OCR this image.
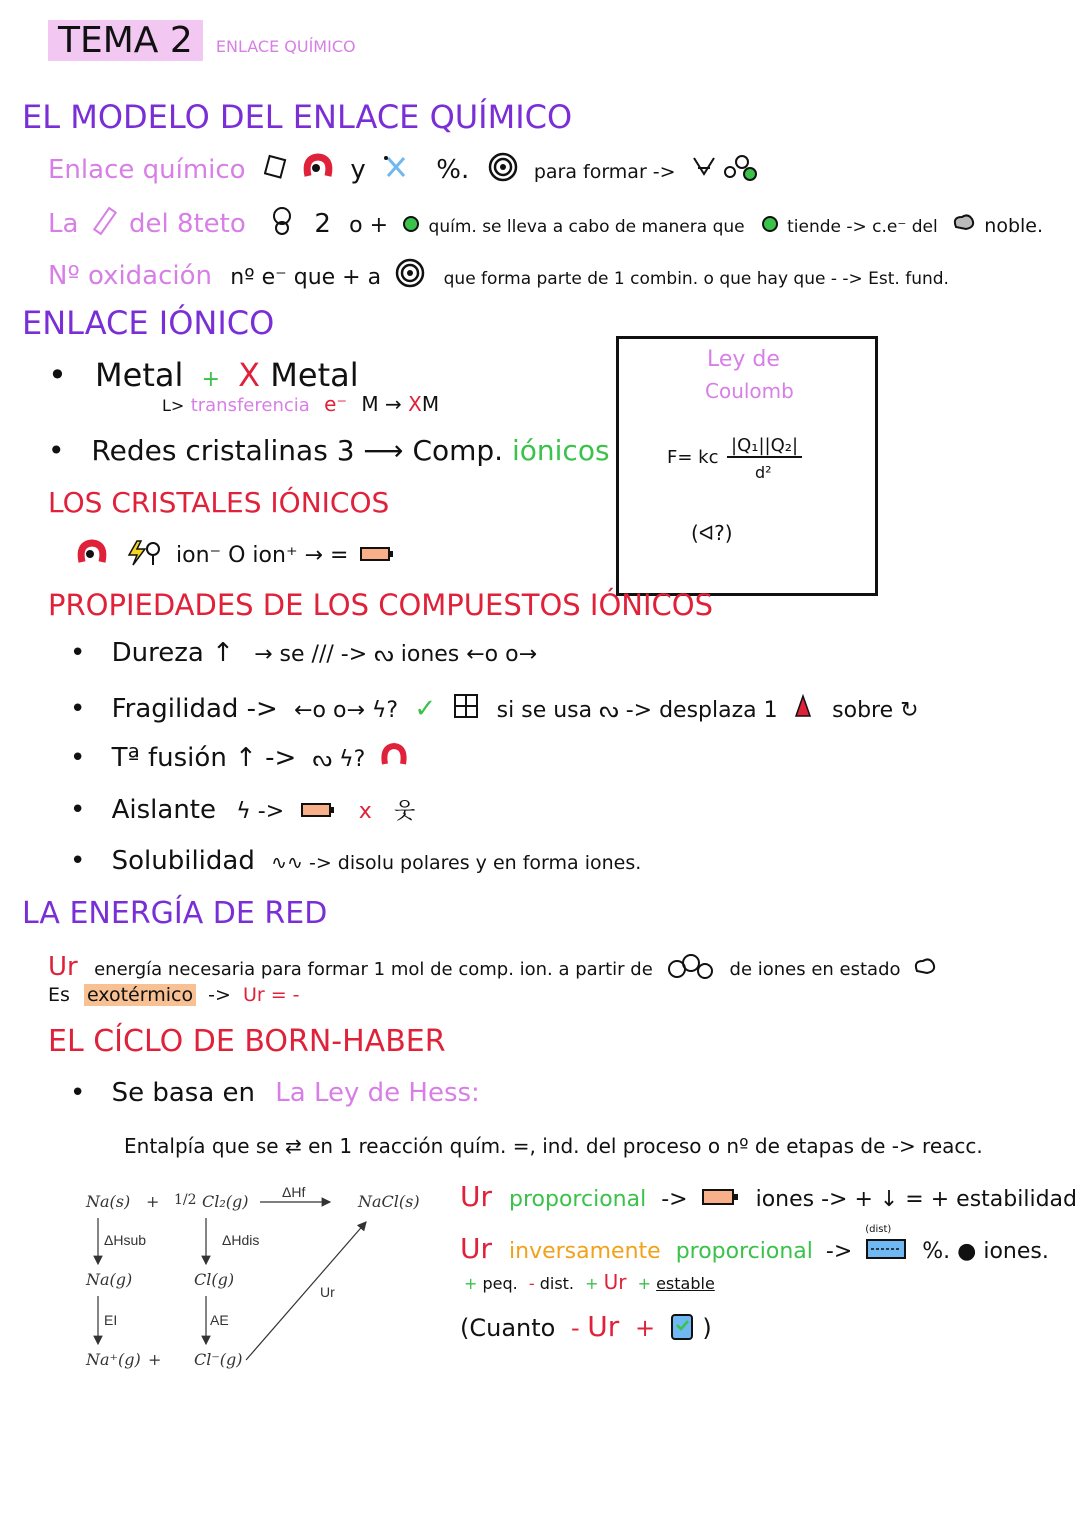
TEMA 2 ENLACE QUÍMICO
EL MODELO DEL ENLACE QUÍMICO
Enlace químico	y	%.	para formar ->
La del 8teto	2 o + quím. se lleva a cabo de manera que	tiende -> c.e⁻ del noble.
Nº oxidación nº e⁻ que + a	que forma parte de 1 combin. o que hay que - -> Est. fund.
ENLACE IÓNICO
• Metal + X Metal
L> transferencia e⁻ M → XM
• Redes cristalinas 3 ⟶ Comp. iónicos
LOS CRISTALES IÓNICOS
ion⁻ O ion⁺ → =
Ley de
Coulomb
F= kc
|Q₁||Q₂|
d²
(ᐊ?)
PROPIEDADES DE LOS COMPUESTOS IÓNICOS
• Dureza ↑ → se /// -> ᔓ iones ←o o→
• Fragilidad -> ←o o→ ϟ? ✓	si se usa ᔓ -> desplaza 1 sobre ↻
• Tª fusión ↑ -> ᔓ ϟ?
• Aislante ϟ ->	x 웃
• Solubilidad ∿∿ -> disolu polares y en forma iones.
LA ENERGÍA DE RED
Ur energía necesaria para formar 1 mol de comp. ion. a partir de	de iones en estado
Es exotérmico -> Ur = -
EL CÍCLO DE BORN-HABER
• Se basa en La Ley de Hess:
Entalpía que se ⇄ en 1 reacción quím. =, ind. del proceso o nº de etapas de -> reacc.
Na(s) + 1/2 Cl₂(g) ΔHf	NaCl(s)
ΔHsub	ΔHdis
Na(g)	Cl(g)
Ur
EI	AE
Na⁺(g) + Cl⁻(g)
Ur proporcional ->	iones -> + ↓ = + estabilidad
Ur inversamente proporcional ->
(dist)
%. ● iones.
+ peq. - dist. + Ur + estable
(Cuanto - Ur + )
